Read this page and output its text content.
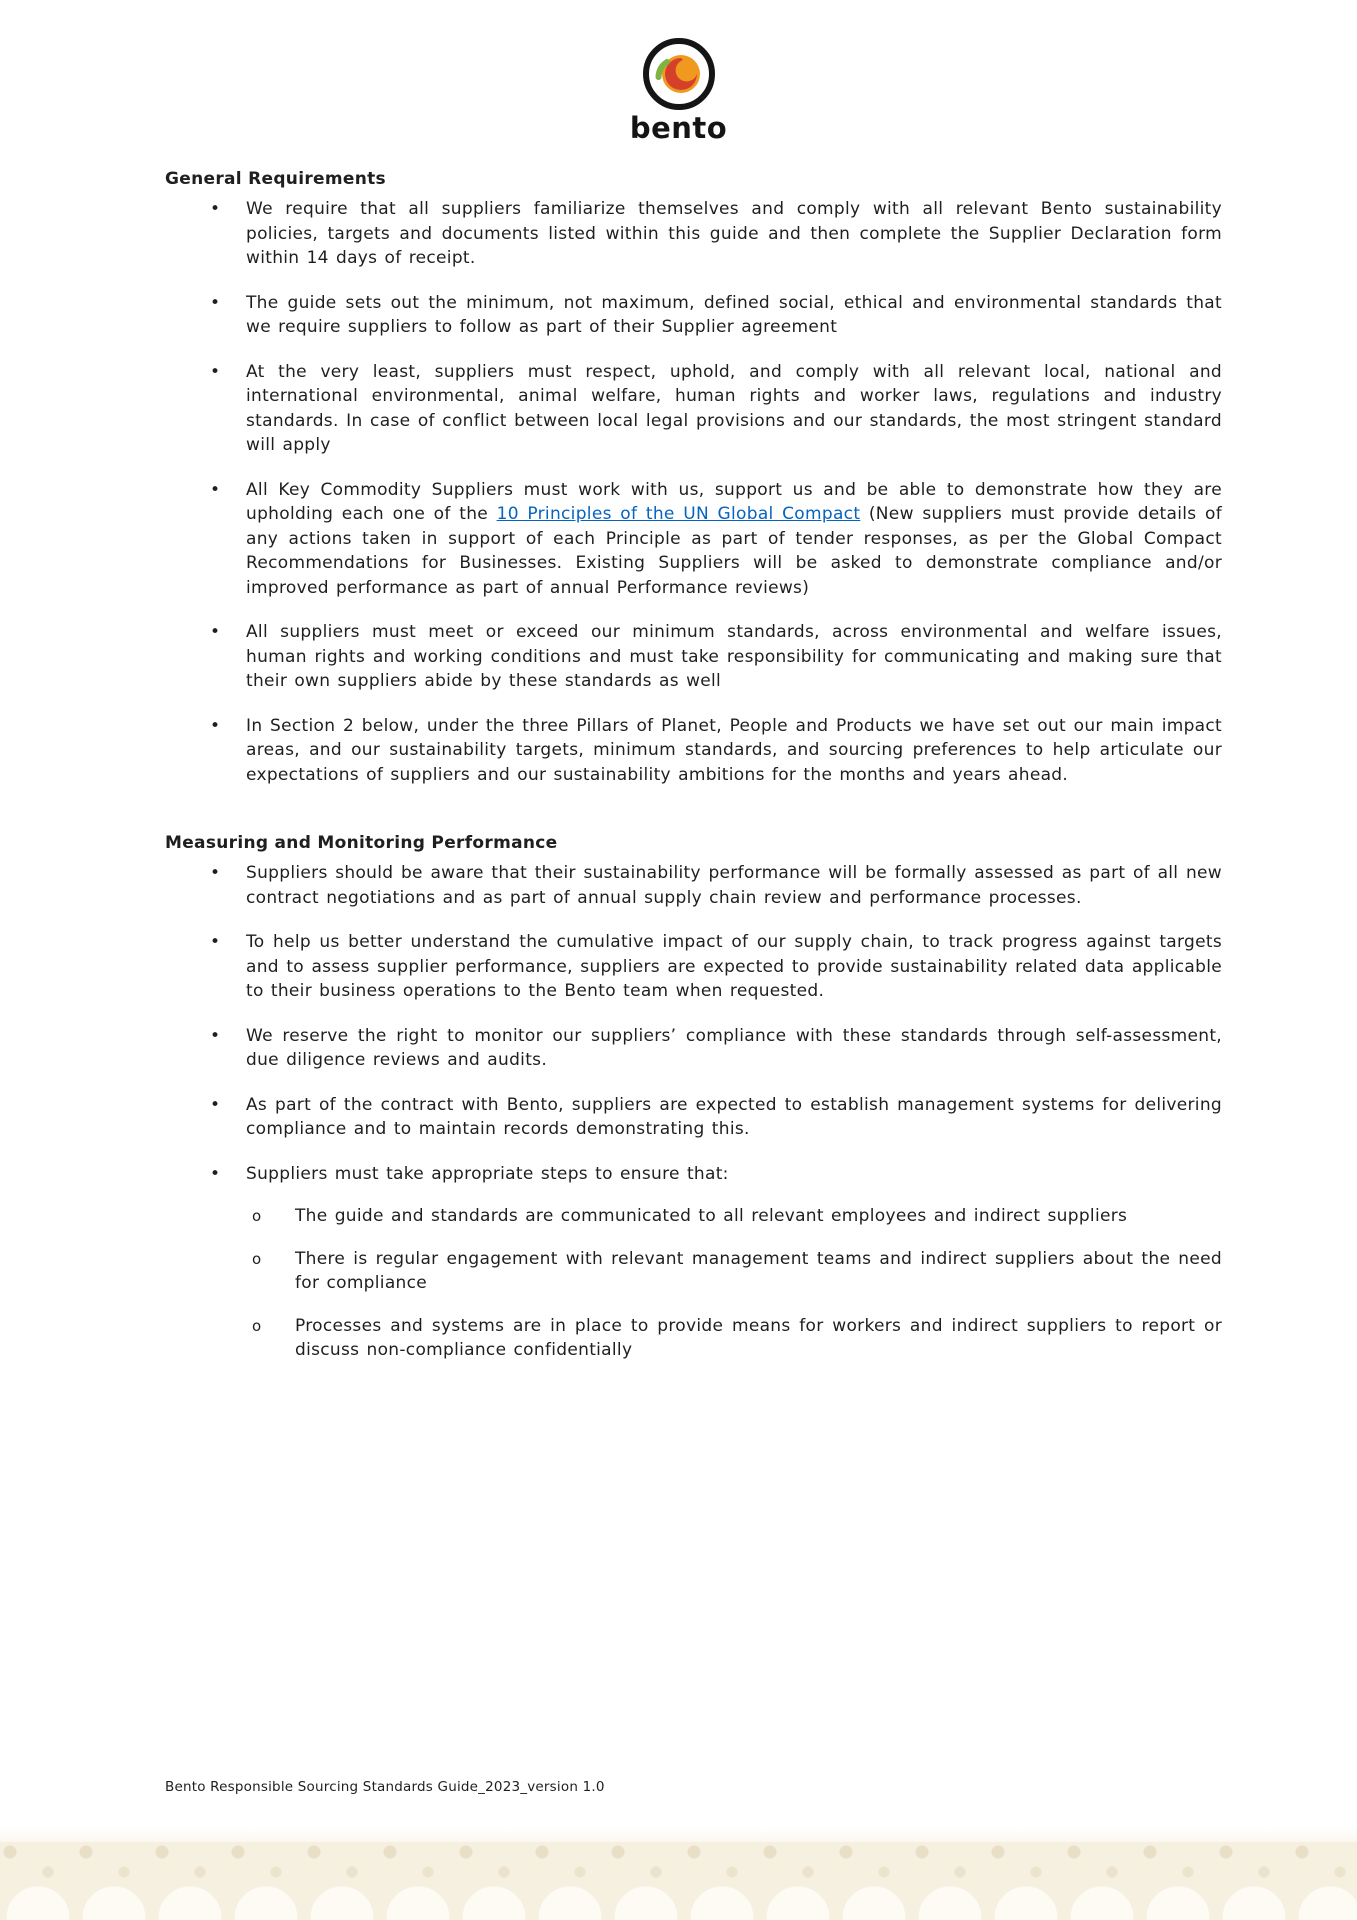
bento
General Requirements
• We require that all suppliers familiarize themselves and comply with all relevant Bento sustainability policies, targets and documents listed within this guide and then complete the Supplier Declaration form within 14 days of receipt.

• The guide sets out the minimum, not maximum, defined social, ethical and environmental standards that we require suppliers to follow as part of their Supplier agreement

• At the very least, suppliers must respect, uphold, and comply with all relevant local, national and international environmental, animal welfare, human rights and worker laws, regulations and industry standards. In case of conflict between local legal provisions and our standards, the most stringent standard will apply

• All Key Commodity Suppliers must work with us, support us and be able to demonstrate how they are upholding each one of the 10 Principles of the UN Global Compact (New suppliers must provide details of any actions taken in support of each Principle as part of tender responses, as per the Global Compact Recommendations for Businesses. Existing Suppliers will be asked to demonstrate compliance and/or improved performance as part of annual Performance reviews)

• All suppliers must meet or exceed our minimum standards, across environmental and welfare issues, human rights and working conditions and must take responsibility for communicating and making sure that their own suppliers abide by these standards as well

• In Section 2 below, under the three Pillars of Planet, People and Products we have set out our main impact areas, and our sustainability targets, minimum standards, and sourcing preferences to help articulate our expectations of suppliers and our sustainability ambitions for the months and years ahead.

Measuring and Monitoring Performance
• Suppliers should be aware that their sustainability performance will be formally assessed as part of all new contract negotiations and as part of annual supply chain review and performance processes.

• To help us better understand the cumulative impact of our supply chain, to track progress against targets and to assess supplier performance, suppliers are expected to provide sustainability related data applicable to their business operations to the Bento team when requested.

• We reserve the right to monitor our suppliers’ compliance with these standards through self-assessment, due diligence reviews and audits.

• As part of the contract with Bento, suppliers are expected to establish management systems for delivering compliance and to maintain records demonstrating this.

• Suppliers must take appropriate steps to ensure that:

o The guide and standards are communicated to all relevant employees and indirect suppliers

o There is regular engagement with relevant management teams and indirect suppliers about the need for compliance

o Processes and systems are in place to provide means for workers and indirect suppliers to report or discuss non-compliance confidentially

Bento Responsible Sourcing Standards Guide_2023_version 1.0
